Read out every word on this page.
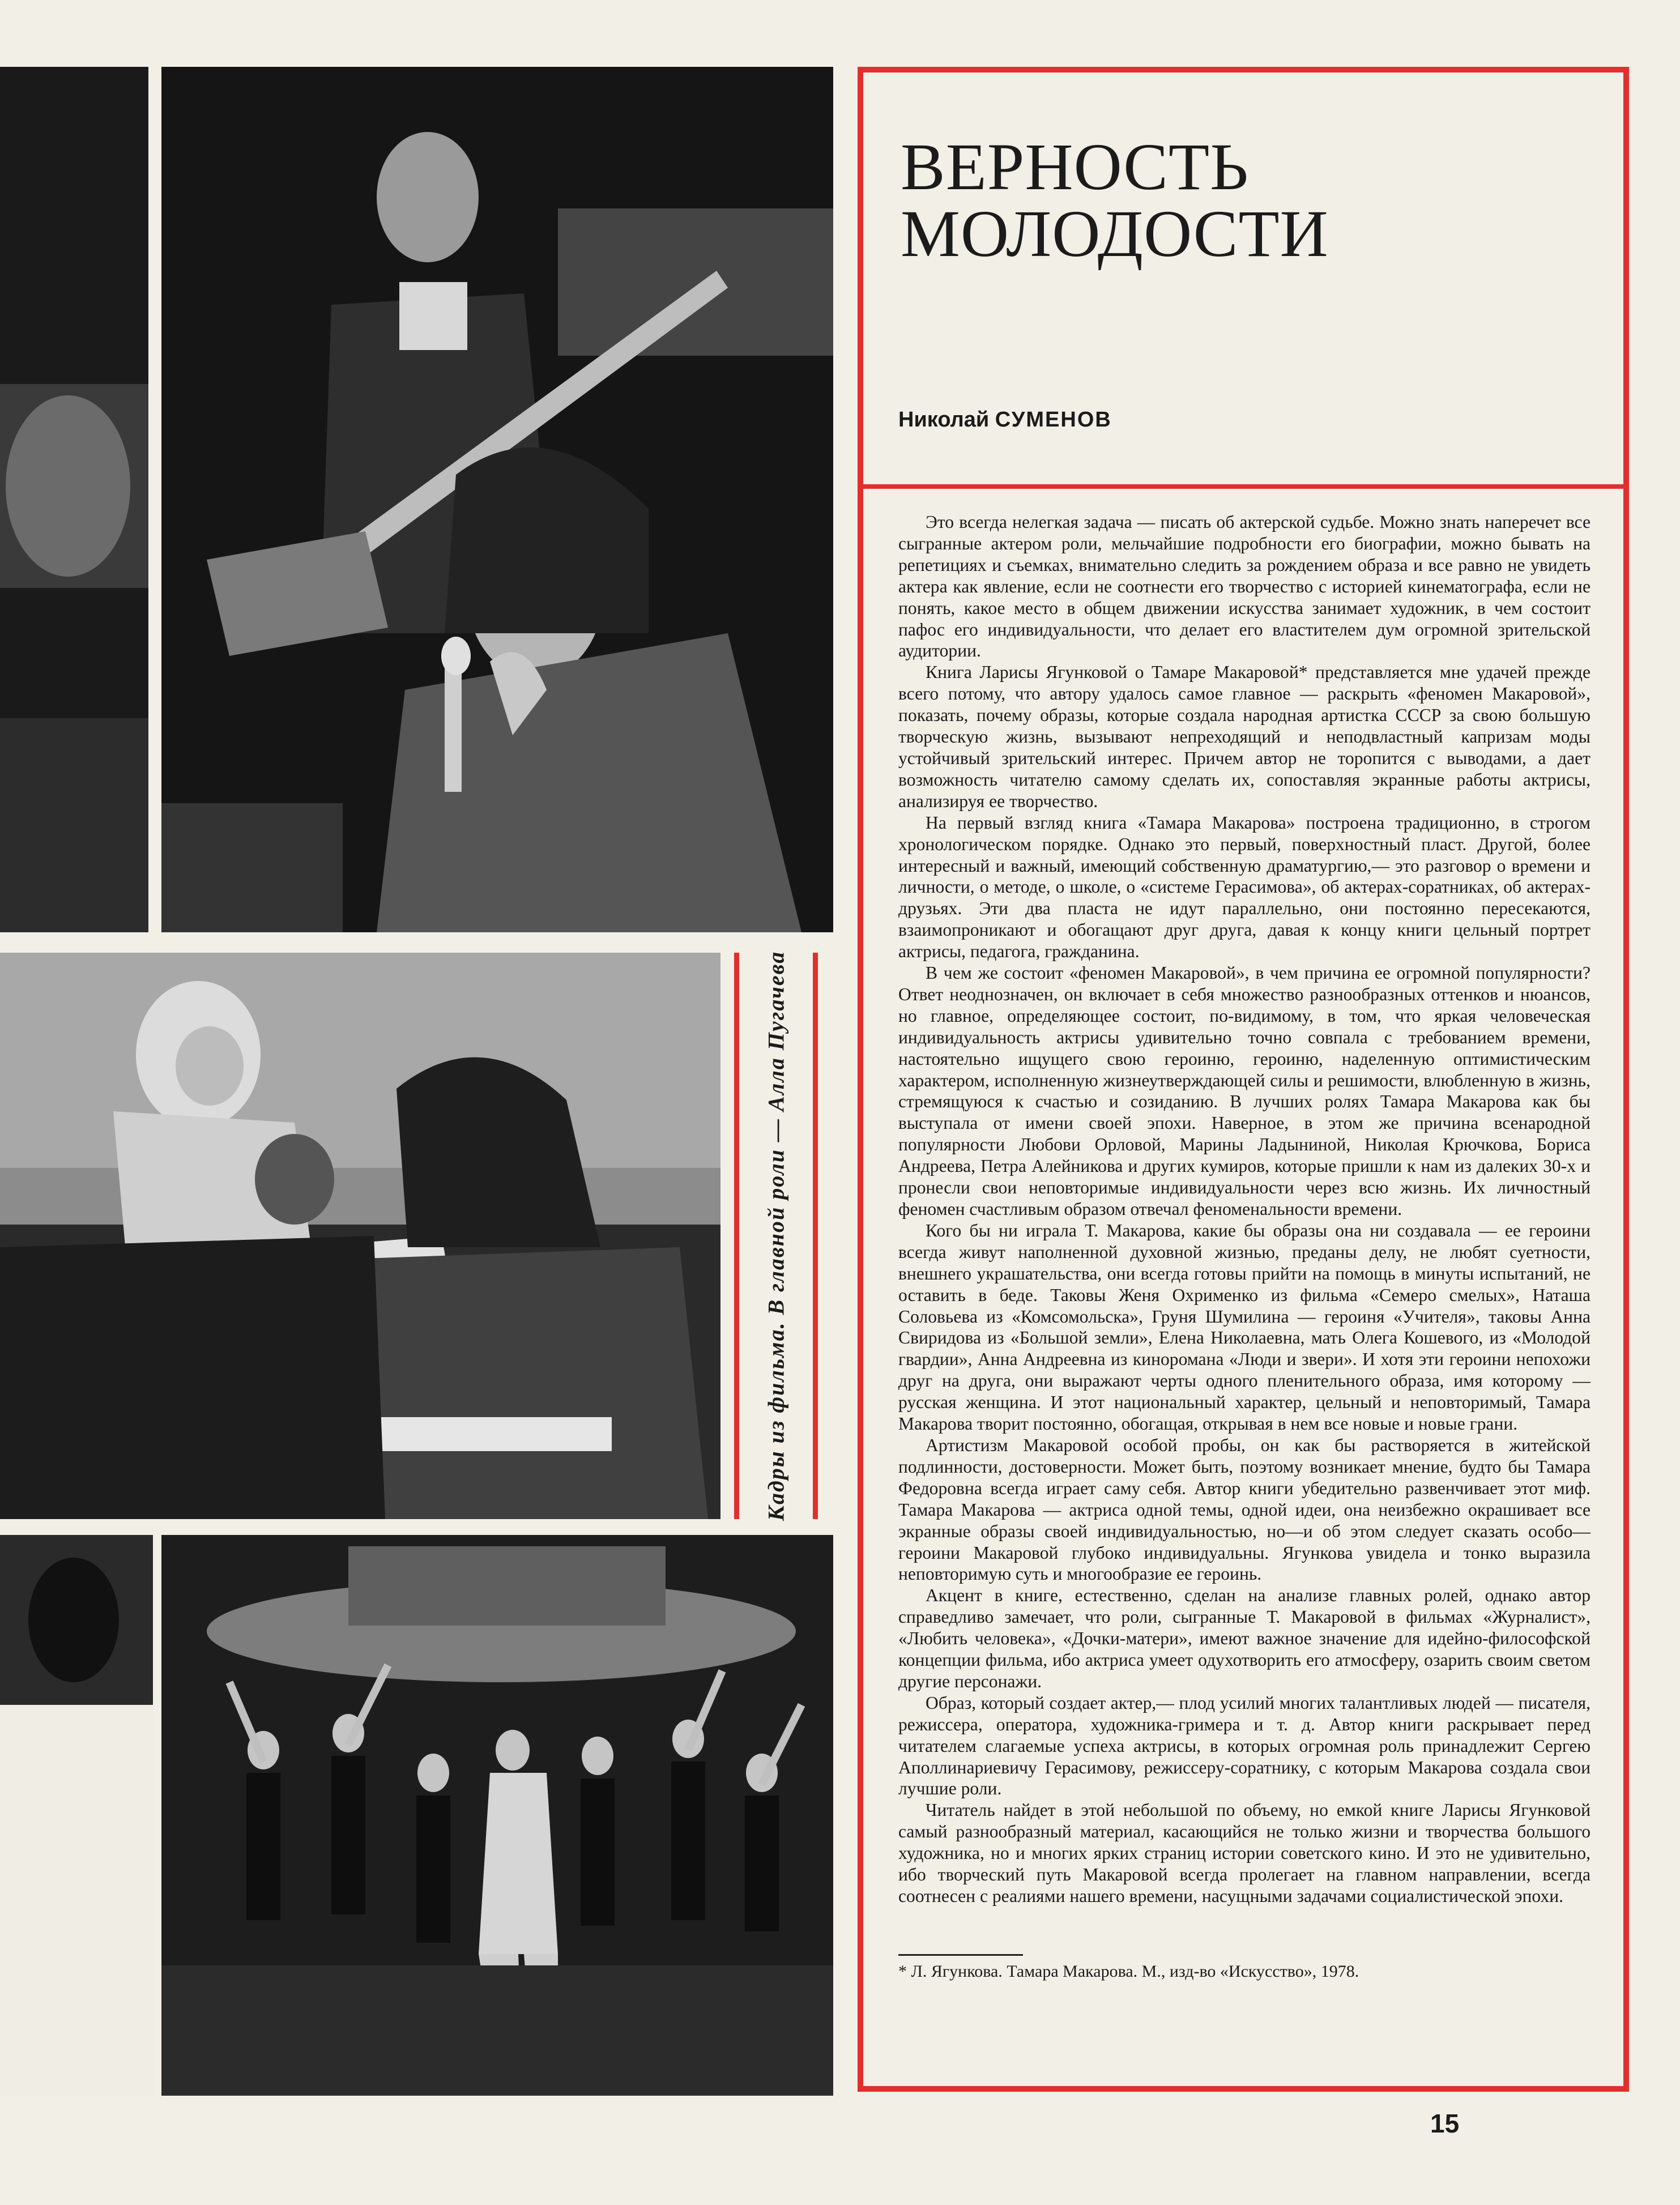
Кадры из фильма. В главной роли — Алла Пугачева
ВЕРНОСТЬ
МОЛОДОСТИ
Николай СУМЕНОВ

Это всегда нелегкая задача — писать об актерской судьбе. Можно знать наперечет все сыгранные актером роли, мельчайшие подробности его биографии, можно бывать на репетициях и съемках, внимательно следить за рождением образа и все равно не увидеть актера как явление, если не соотнести его творчество с историей кинематографа, если не понять, какое место в общем движении искусства занимает художник, в чем состоит пафос его индивидуальности, что делает его властителем дум огромной зрительской аудитории.

Книга Ларисы Ягунковой о Тамаре Макаровой* представляется мне удачей прежде всего потому, что автору удалось самое главное — раскрыть «феномен Макаровой», показать, почему образы, которые создала народная артистка СССР за свою большую творческую жизнь, вызывают непреходящий и неподвластный капризам моды устойчивый зрительский интерес. Причем автор не торопится с выводами, а дает возможность читателю самому сделать их, сопоставляя экранные работы актрисы, анализируя ее творчество.

На первый взгляд книга «Тамара Макарова» построена традиционно, в строгом хронологическом порядке. Однако это первый, поверхностный пласт. Другой, более интересный и важный, имеющий собственную драматургию,— это разговор о времени и личности, о методе, о школе, о «системе Герасимова», об актерах-соратниках, об актерах-друзьях. Эти два пласта не идут параллельно, они постоянно пересекаются, взаимопроникают и обогащают друг друга, давая к концу книги цельный портрет актрисы, педагога, гражданина.

В чем же состоит «феномен Макаровой», в чем причина ее огромной популярности? Ответ неоднозначен, он включает в себя множество разнообразных оттенков и нюансов, но главное, определяющее состоит, по-видимому, в том, что яркая человеческая индивидуальность актрисы удивительно точно совпала с требованием времени, настоятельно ищущего свою героиню, героиню, наделенную оптимистическим характером, исполненную жизнеутверждающей силы и решимости, влюбленную в жизнь, стремящуюся к счастью и созиданию. В лучших ролях Тамара Макарова как бы выступала от имени своей эпохи. Наверное, в этом же причина всенародной популярности Любови Орловой, Марины Ладыниной, Николая Крючкова, Бориса Андреева, Петра Алейникова и других кумиров, которые пришли к нам из далеких 30-х и пронесли свои неповторимые индивидуальности через всю жизнь. Их личностный феномен счастливым образом отвечал феноменальности времени.

Кого бы ни играла Т. Макарова, какие бы образы она ни создавала — ее героини всегда живут наполненной духовной жизнью, преданы делу, не любят суетности, внешнего украшательства, они всегда готовы прийти на помощь в минуты испытаний, не оставить в беде. Таковы Женя Охрименко из фильма «Семеро смелых», Наташа Соловьева из «Комсомольска», Груня Шумилина — героиня «Учителя», таковы Анна Свиридова из «Большой земли», Елена Николаевна, мать Олега Кошевого, из «Молодой гвардии», Анна Андреевна из кинороманa «Люди и звери». И хотя эти героини непохожи друг на друга, они выражают черты одного пленительного образа, имя которому — русская женщина. И этот национальный характер, цельный и неповторимый, Тамара Макарова творит постоянно, обогащая, открывая в нем все новые и новые грани.

Артистизм Макаровой особой пробы, он как бы растворяется в житейской подлинности, достоверности. Может быть, поэтому возникает мнение, будто бы Тамара Федоровна всегда играет саму себя. Автор книги убедительно развенчивает этот миф. Тамара Макарова — актриса одной темы, одной идеи, она неизбежно окрашивает все экранные образы своей индивидуальностью, но—и об этом следует сказать особо—героини Макаровой глубоко индивидуальны. Ягункова увидела и тонко выразила неповторимую суть и многообразие ее героинь.

Акцент в книге, естественно, сделан на анализе главных ролей, однако автор справедливо замечает, что роли, сыгранные Т. Макаровой в фильмах «Журналист», «Любить человека», «Дочки-матери», имеют важное значение для идейно-философской концепции фильма, ибо актриса умеет одухотворить его атмосферу, озарить своим светом другие персонажи.

Образ, который создает актер,— плод усилий многих талантливых людей — писателя, режиссера, оператора, художника-гримера и т. д. Автор книги раскрывает перед читателем слагаемые успеха актрисы, в которых огромная роль принадлежит Сергею Аполлинариевичу Герасимову, режиссеру-соратнику, с которым Макарова создала свои лучшие роли.

Читатель найдет в этой небольшой по объему, но емкой книге Ларисы Ягунковой самый разнообразный материал, касающийся не только жизни и творчества большого художника, но и многих ярких страниц истории советского кино. И это не удивительно, ибо творческий путь Макаровой всегда пролегает на главном направлении, всегда соотнесен с реалиями нашего времени, насущными задачами социалистической эпохи.

* Л. Ягункова. Тамара Макарова. М., изд-во «Искусство», 1978.

15
